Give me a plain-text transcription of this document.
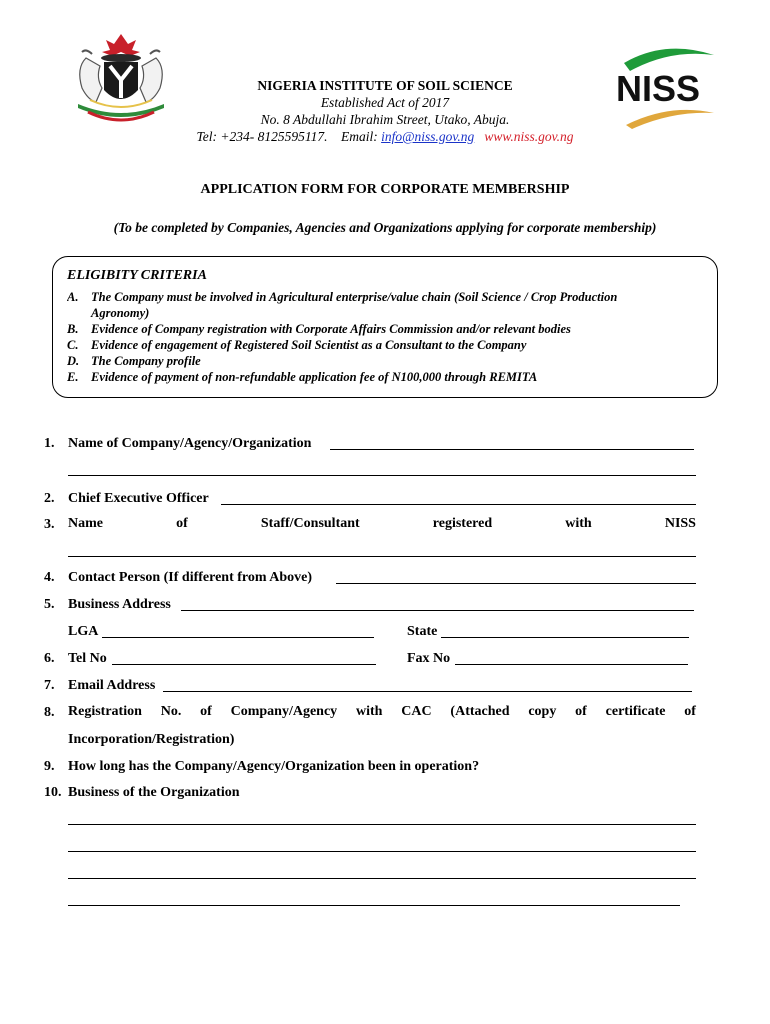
NISS
NIGERIA INSTITUTE OF SOIL SCIENCE
Established Act of 2017
No. 8 Abdullahi Ibrahim Street, Utako, Abuja.
Tel: +234- 8125595117. Email: info@niss.gov.ng www.niss.gov.ng
APPLICATION FORM FOR CORPORATE MEMBERSHIP
(To be completed by Companies, Agencies and Organizations applying for corporate membership)
ELIGIBITY CRITERIA
A. The Company must be involved in Agricultural enterprise/value chain (Soil Science / Crop Production
Agronomy)
B. Evidence of Company registration with Corporate Affairs Commission and/or relevant bodies
C. Evidence of engagement of Registered Soil Scientist as a Consultant to the Company
D. The Company profile
E. Evidence of payment of non-refundable application fee of N100,000 through REMITA
1. Name of Company/Agency/Organization
2. Chief Executive Officer
3. Name	of	Staff/Consultant	registered	with	NISS
4. Contact Person (If different from Above)
5. Business Address
LGA	State
6. Tel No	Fax No
7. Email Address
8. Registration No. of Company/Agency with CAC (Attached copy of certificate of
Incorporation/Registration)
9. How long has the Company/Agency/Organization been in operation?
10. Business of the Organization
